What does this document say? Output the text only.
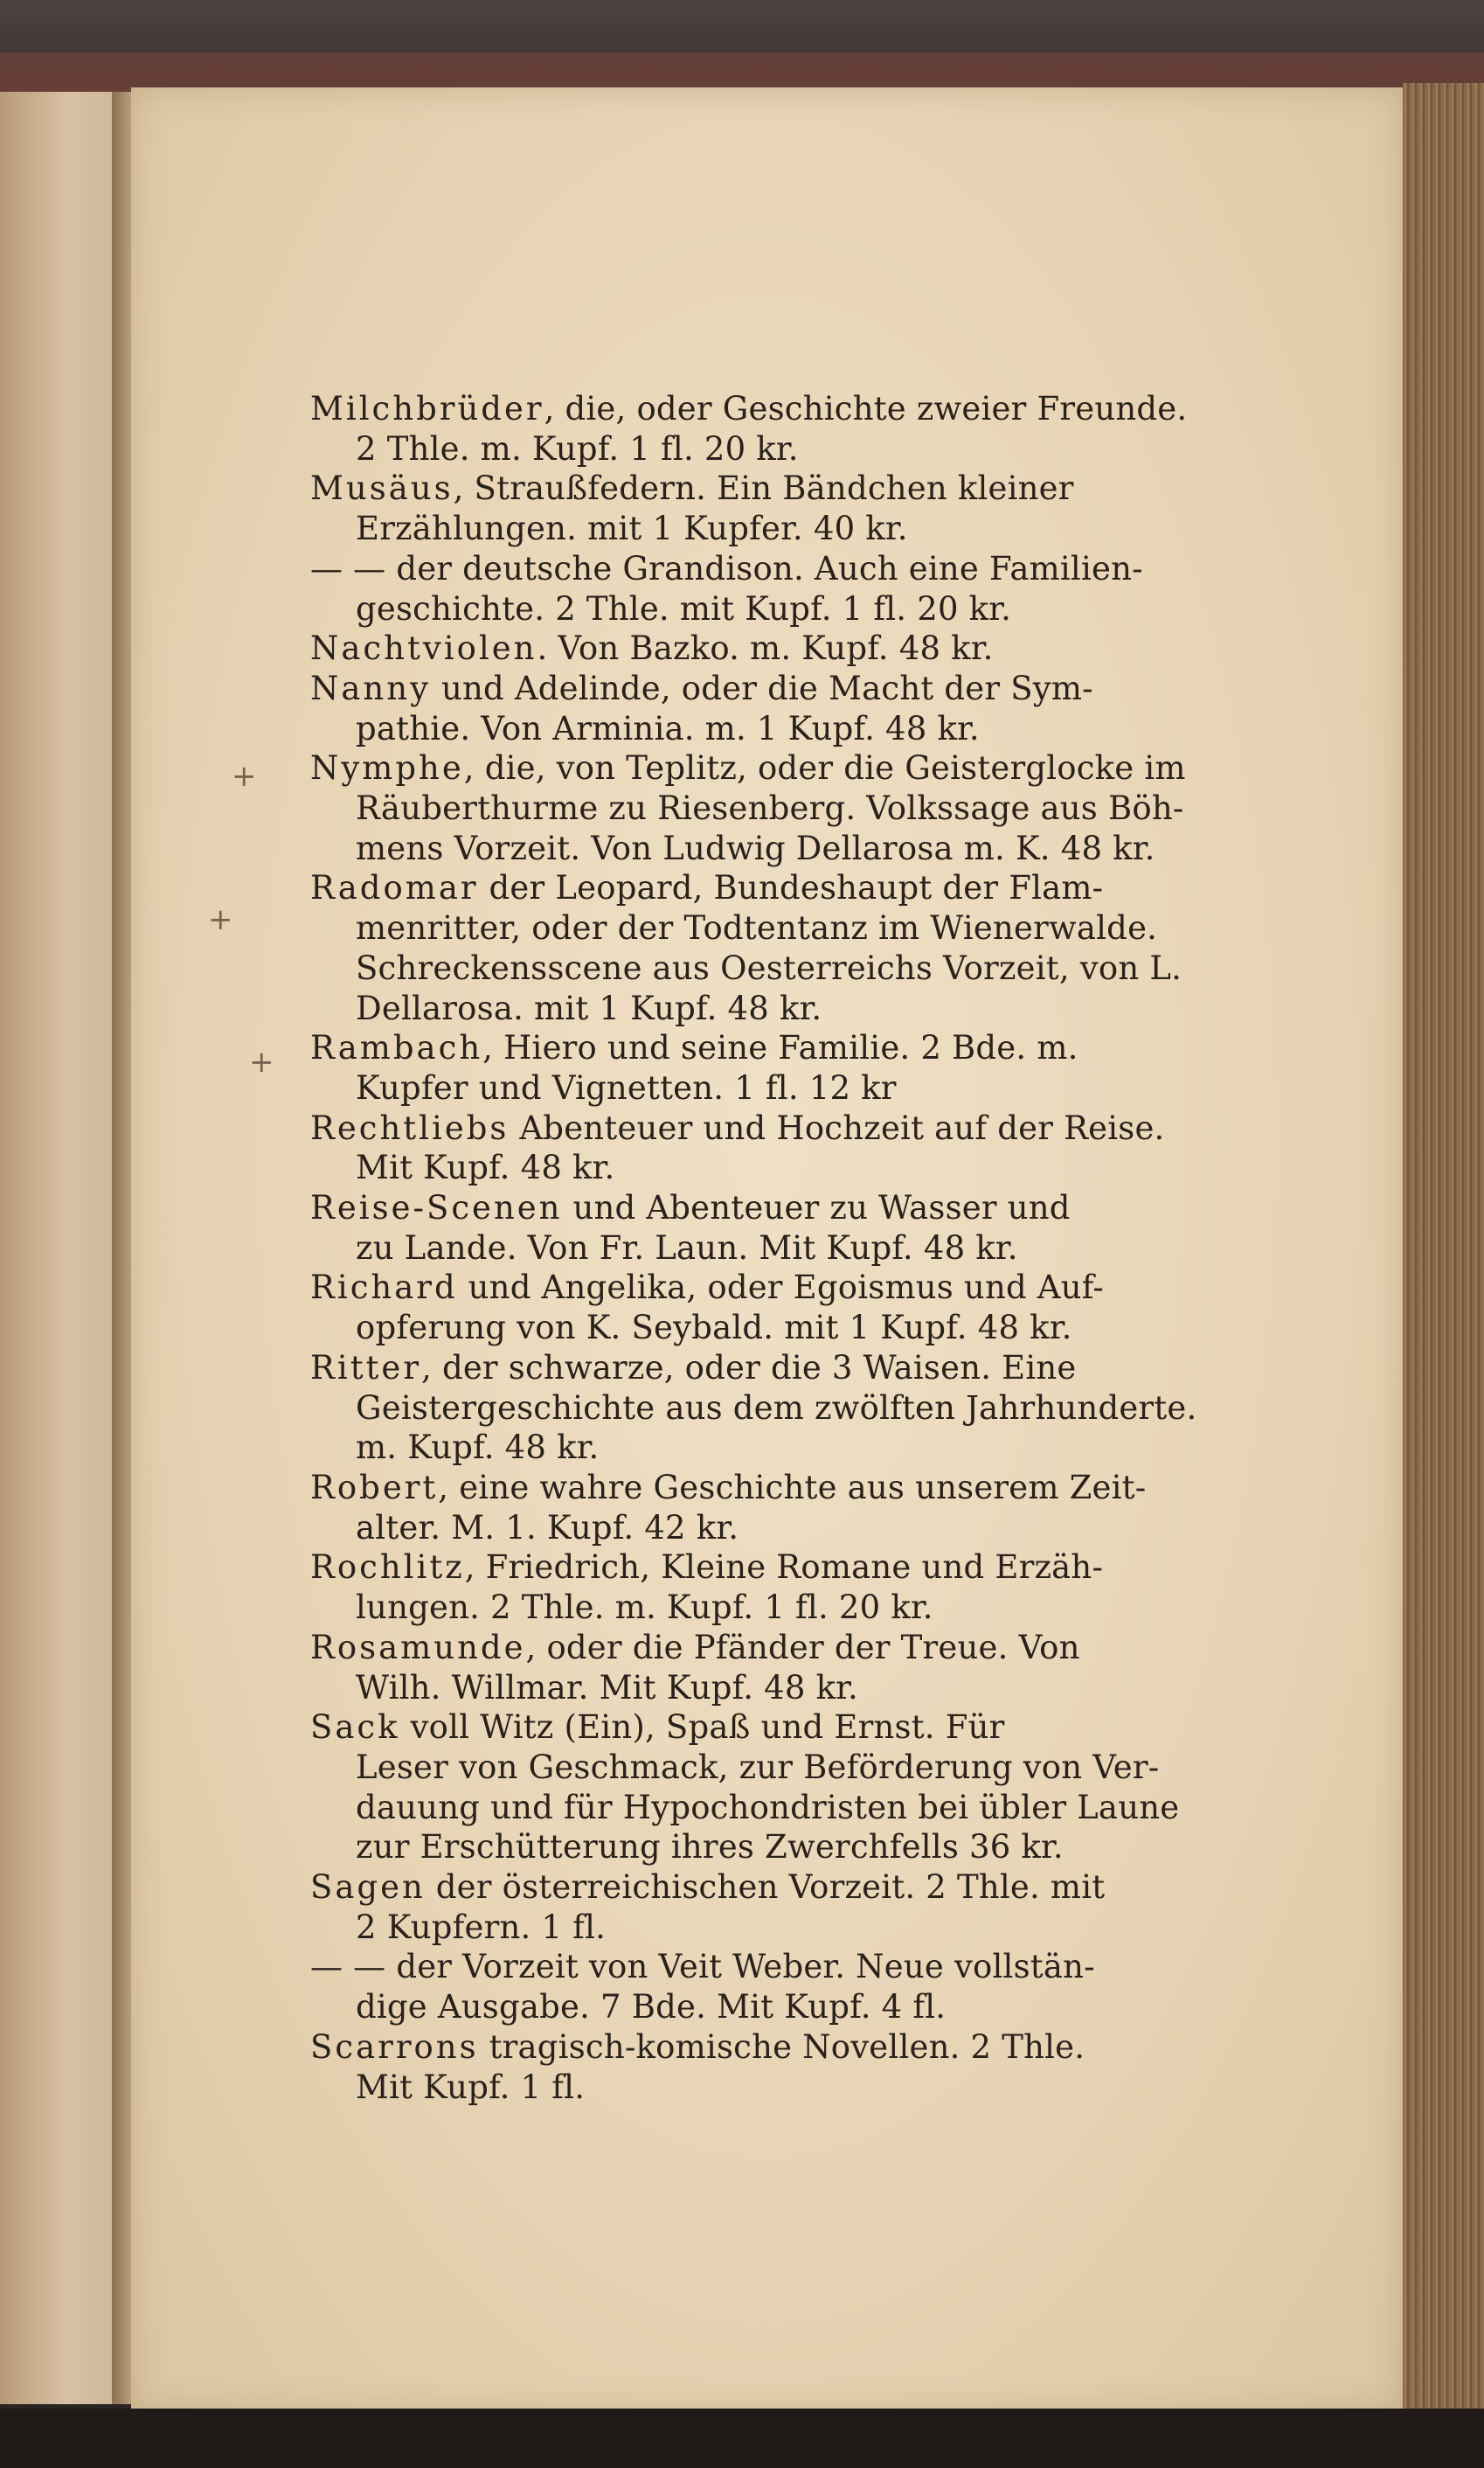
+
+
+
Milchbrüder, die, oder Geschichte zweier Freunde.
2 Thle. m. Kupf. 1 fl. 20 kr.
Musäus, Straußfedern. Ein Bändchen kleiner
Erzählungen. mit 1 Kupfer. 40 kr.
— — der deutsche Grandison. Auch eine Familien-
geschichte. 2 Thle. mit Kupf. 1 fl. 20 kr.
Nachtviolen. Von Bazko. m. Kupf. 48 kr.
Nanny und Adelinde, oder die Macht der Sym-
pathie. Von Arminia. m. 1 Kupf. 48 kr.
Nymphe, die, von Teplitz, oder die Geisterglocke im
Räuberthurme zu Riesenberg. Volkssage aus Böh-
mens Vorzeit. Von Ludwig Dellarosa m. K. 48 kr.
Radomar der Leopard, Bundeshaupt der Flam-
menritter, oder der Todtentanz im Wienerwalde.
Schreckensscene aus Oesterreichs Vorzeit, von L.
Dellarosa. mit 1 Kupf. 48 kr.
Rambach, Hiero und seine Familie. 2 Bde. m.
Kupfer und Vignetten. 1 fl. 12 kr
Rechtliebs Abenteuer und Hochzeit auf der Reise.
Mit Kupf. 48 kr.
Reise-Scenen und Abenteuer zu Wasser und
zu Lande. Von Fr. Laun. Mit Kupf. 48 kr.
Richard und Angelika, oder Egoismus und Auf-
opferung von K. Seybald. mit 1 Kupf. 48 kr.
Ritter, der schwarze, oder die 3 Waisen. Eine
Geistergeschichte aus dem zwölften Jahrhunderte.
m. Kupf. 48 kr.
Robert, eine wahre Geschichte aus unserem Zeit-
alter. M. 1. Kupf. 42 kr.
Rochlitz, Friedrich, Kleine Romane und Erzäh-
lungen. 2 Thle. m. Kupf. 1 fl. 20 kr.
Rosamunde, oder die Pfänder der Treue. Von
Wilh. Willmar. Mit Kupf. 48 kr.
Sack voll Witz (Ein), Spaß und Ernst. Für
Leser von Geschmack, zur Beförderung von Ver-
dauung und für Hypochondristen bei übler Laune
zur Erschütterung ihres Zwerchfells 36 kr.
Sagen der österreichischen Vorzeit. 2 Thle. mit
2 Kupfern. 1 fl.
— — der Vorzeit von Veit Weber. Neue vollstän-
dige Ausgabe. 7 Bde. Mit Kupf. 4 fl.
Scarrons tragisch-komische Novellen. 2 Thle.
Mit Kupf. 1 fl.
